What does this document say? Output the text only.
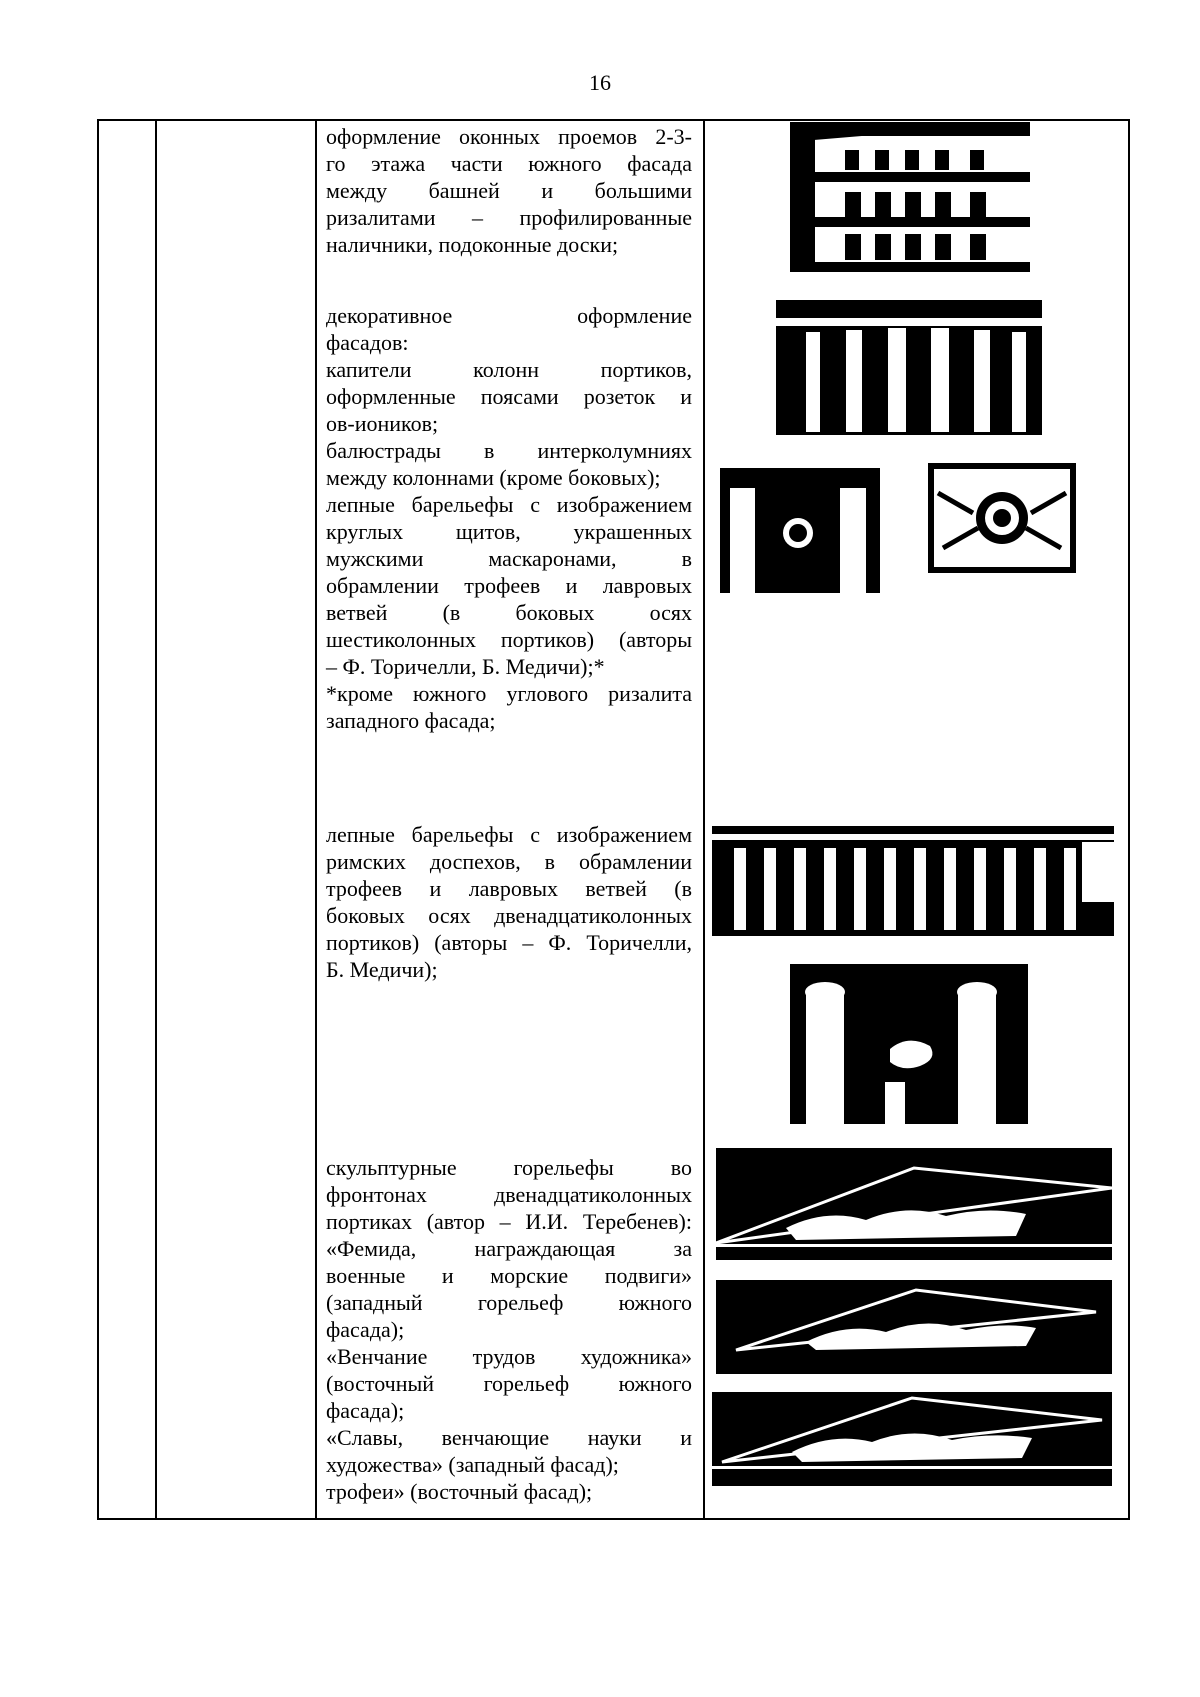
16

оформление оконных проемов 2-3-

го этажа части южного фасада

между башней и большими

ризалитами – профилированные

наличники, подоконные доски;

декоративное оформление

фасадов:

капители колонн портиков,

оформленные поясами розеток и

ов-иоников;

балюстрады в интерколумниях

между колоннами (кроме боковых);

лепные барельефы с изображением

круглых щитов, украшенных

мужскими маскаронами, в

обрамлении трофеев и лавровых

ветвей (в боковых осях

шестиколонных портиков) (авторы

– Ф. Торичелли, Б. Медичи);*

*кроме южного углового ризалита

западного фасада;

лепные барельефы с изображением

римских доспехов, в обрамлении

трофеев и лавровых ветвей (в

боковых осях двенадцатиколонных

портиков) (авторы – Ф. Торичелли,

Б. Медичи);

скульптурные горельефы во

фронтонах двенадцатиколонных

портиках (автор – И.И. Теребенев):

«Фемида, награждающая за

военные и морские подвиги»

(западный горельеф южного

фасада);

«Венчание трудов художника»

(восточный горельеф южного

фасада);

«Славы, венчающие науки и

художества» (западный фасад);

трофеи» (восточный фасад);
